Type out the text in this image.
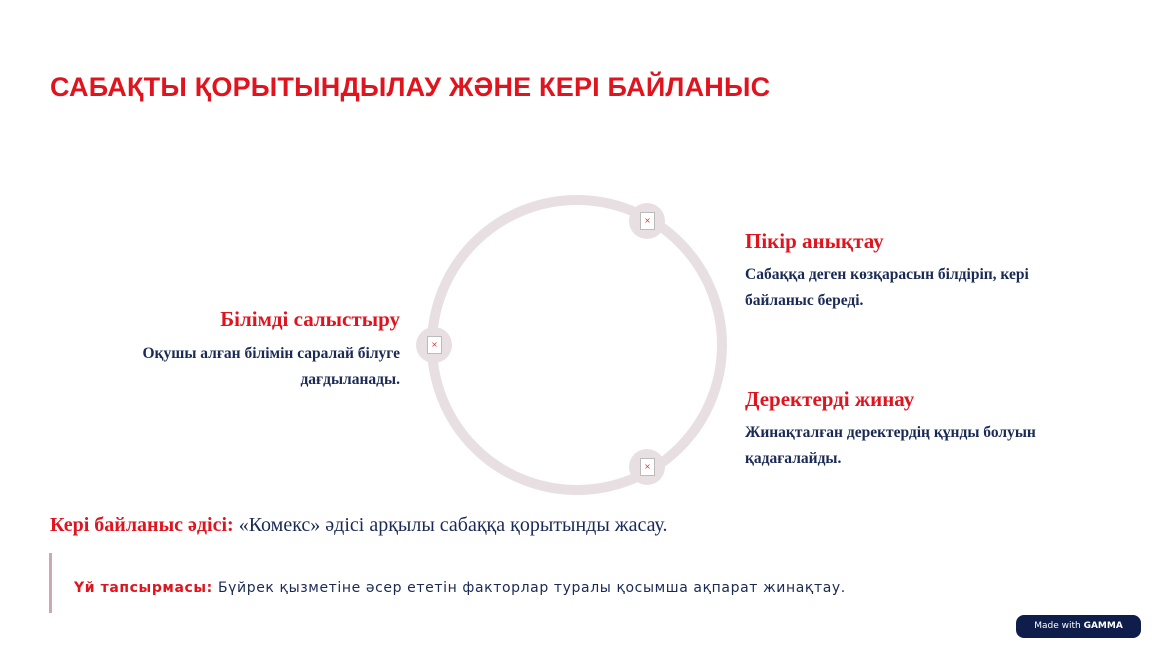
САБАҚТЫ ҚОРЫТЫНДЫЛАУ ЖӘНЕ КЕРІ БАЙЛАНЫС
×
×
×
Пікір анықтау
Сабаққа деген көзқарасын білдіріп, кері байланыс береді.
Деректерді жинау
Жинақталған деректердің құнды болуын қадағалайды.
Білімді салыстыру
Оқушы алған білімін саралай білуге дағдыланады.
Кері байланыс әдісі: «Комекс» әдісі арқылы сабаққа қорытынды жасау.
Үй тапсырмасы: Бүйрек қызметіне әсер ететін факторлар туралы қосымша ақпарат жинақтау.
Made with GAMMA
